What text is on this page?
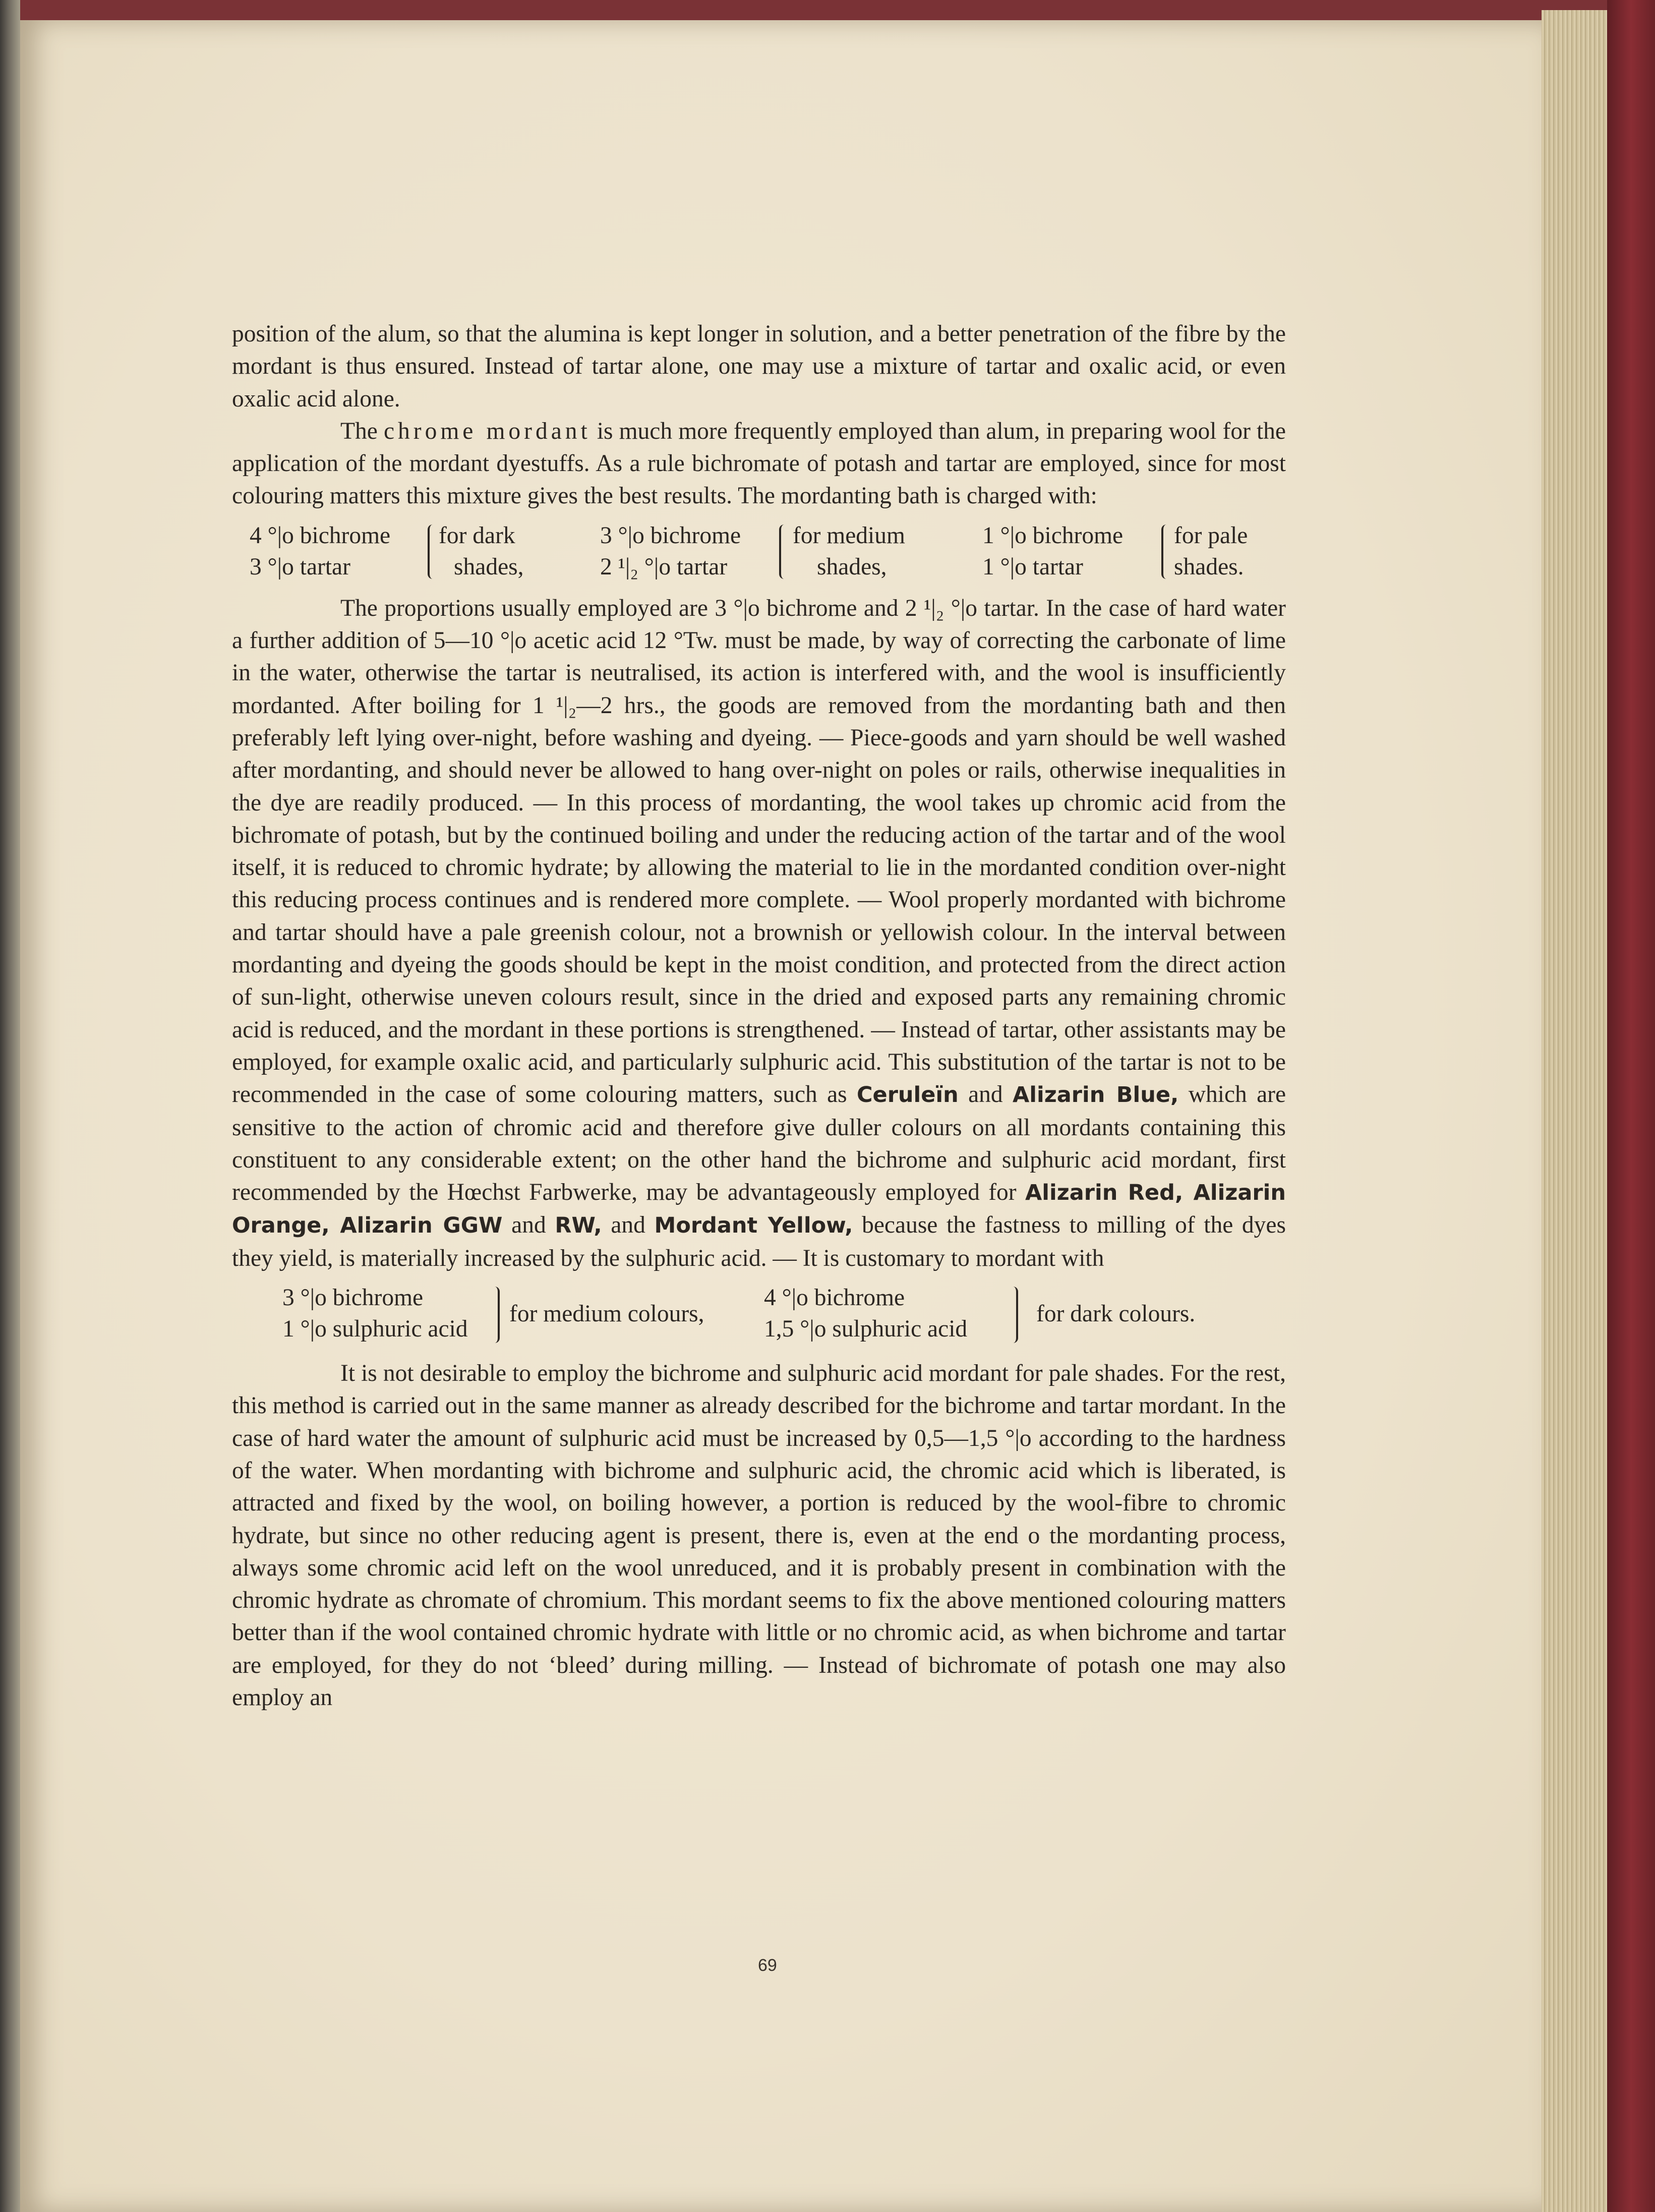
position of the alum, so that the alumina is kept longer in solution, and a better penetration of the fibre by the mordant is thus ensured. Instead of tartar alone, one may use a mixture of tartar and oxalic acid, or even oxalic acid alone.

The chrome mordant is much more frequently employed than alum, in preparing wool for the application of the mordant dyestuffs. As a rule bichromate of potash and tartar are employed, since for most colouring matters this mixture gives the best results. The mordanting bath is charged with:

4 °|o bichrome
3 °|o tartar
for dark
shades,
3 °|o bichrome
2 ¹|₂ °|o tartar
for medium
shades,
1 °|o bichrome
1 °|o tartar
for pale
shades.

The proportions usually employed are 3 °|o bichrome and 2 ¹|₂ °|o tartar. In the case of hard water a further addition of 5—10 °|o acetic acid 12 °Tw. must be made, by way of correcting the carbonate of lime in the water, otherwise the tartar is neutralised, its action is interfered with, and the wool is insufficiently mordanted. After boiling for 1 ¹|₂—2 hrs., the goods are removed from the mordanting bath and then preferably left lying over-night, before washing and dyeing. — Piece-goods and yarn should be well washed after mordanting, and should never be allowed to hang over-night on poles or rails, otherwise inequalities in the dye are readily produced. — In this process of mordanting, the wool takes up chromic acid from the bichromate of potash, but by the continued boiling and under the reducing action of the tartar and of the wool itself, it is reduced to chromic hydrate; by allowing the material to lie in the mordanted condition over-night this reducing process continues and is rendered more complete. — Wool properly mordanted with bichrome and tartar should have a pale greenish colour, not a brownish or yellowish colour. In the interval between mordanting and dyeing the goods should be kept in the moist condition, and protected from the direct action of sun-light, otherwise uneven colours result, since in the dried and exposed parts any remaining chromic acid is reduced, and the mordant in these portions is strengthened. — Instead of tartar, other assistants may be employed, for example oxalic acid, and particularly sulphuric acid. This substitution of the tartar is not to be recommended in the case of some colouring matters, such as Ceruleïn and Alizarin Blue, which are sensitive to the action of chromic acid and therefore give duller colours on all mordants containing this constituent to any considerable extent; on the other hand the bichrome and sulphuric acid mordant, first recommended by the Hœchst Farbwerke, may be advantageously employed for Alizarin Red, Alizarin Orange, Alizarin GGW and RW, and Mordant Yellow, because the fastness to milling of the dyes they yield, is materially increased by the sulphuric acid. — It is customary to mordant with

3 °|o bichrome
1 °|o sulphuric acid
for medium colours,
4 °|o bichrome
1,5 °|o sulphuric acid
for dark colours.

It is not desirable to employ the bichrome and sulphuric acid mordant for pale shades. For the rest, this method is carried out in the same manner as already described for the bichrome and tartar mordant. In the case of hard water the amount of sulphuric acid must be increased by 0,5—1,5 °|o according to the hardness of the water. When mordanting with bichrome and sulphuric acid, the chromic acid which is liberated, is attracted and fixed by the wool, on boiling however, a portion is reduced by the wool-fibre to chromic hydrate, but since no other reducing agent is present, there is, even at the end o the mordanting process, always some chromic acid left on the wool unreduced, and it is probably present in combination with the chromic hydrate as chromate of chromium. This mordant seems to fix the above mentioned colouring matters better than if the wool contained chromic hydrate with little or no chromic acid, as when bichrome and tartar are employed, for they do not ‘bleed’ during milling. — Instead of bichromate of potash one may also employ an

69
